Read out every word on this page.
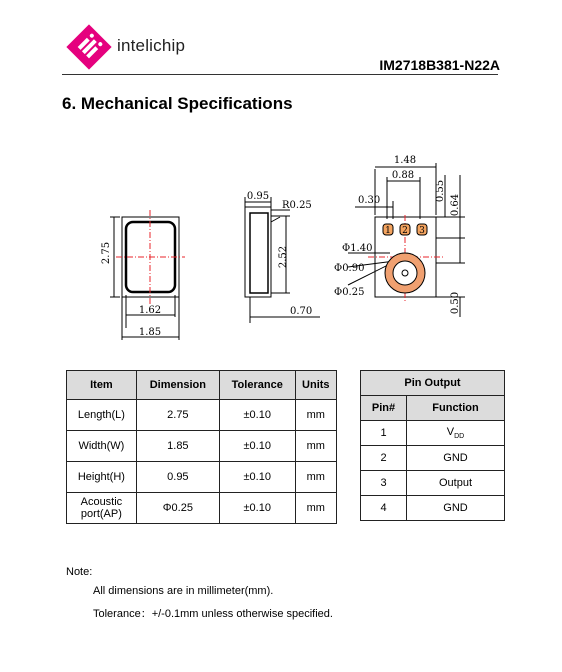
intelichip
IM2718B381-N22A
6. Mechanical Specifications
1 2 3
2.75
1.62
1.85
0.95
R0.25
2.52
0.70
1.48
0.88
0.30	0.55
0.64
0.50
Φ1.40
Φ0.90
Φ0.25
Item	Dimension	Tolerance	Units
Length(L)	2.75	±0.10	mm
Width(W)	1.85	±0.10	mm
Height(H)	0.95	±0.10	mm
Acoustic
port(AP)	Φ0.25	±0.10	mm
Pin Output	
Pin#	Function
1	$V_{DD}$
2	GND
3	Output
4	GND
Note:
All dimensions are in millimeter(mm).
Tolerance：+/-0.1mm unless otherwise specified.
